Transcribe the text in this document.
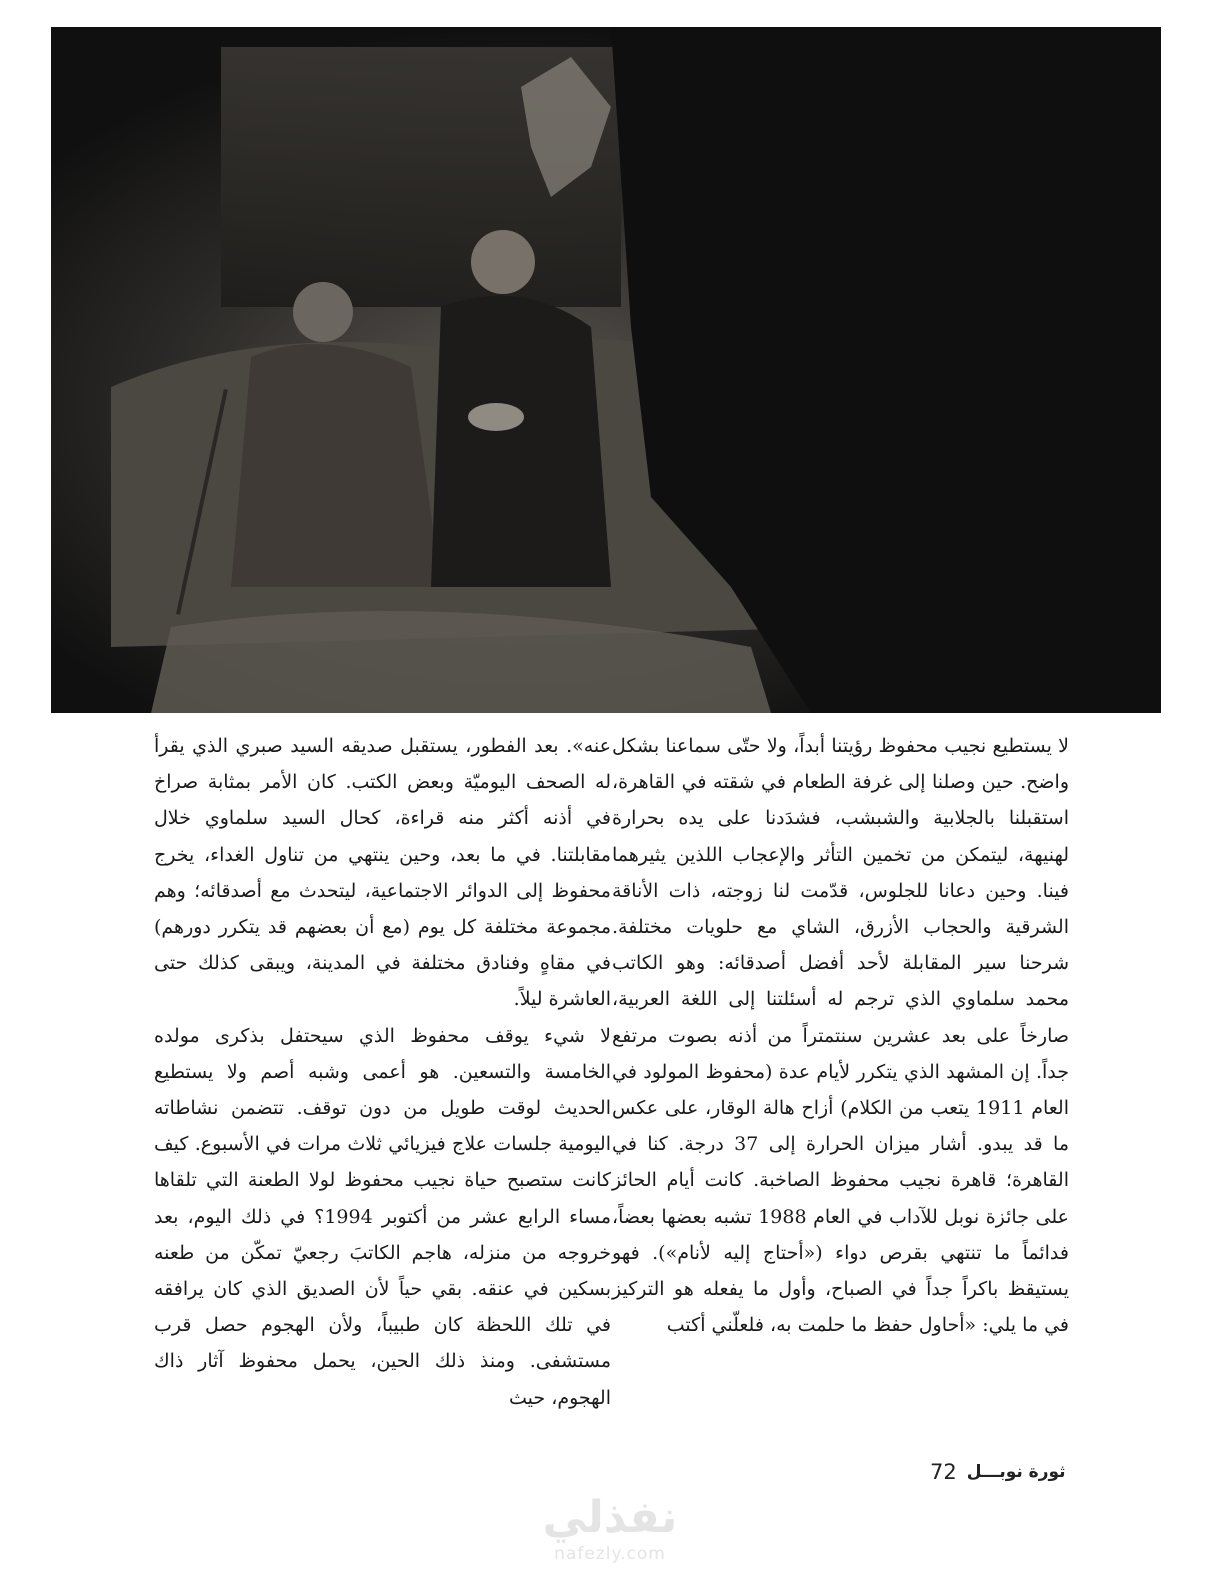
لا يستطيع نجيب محفوظ رؤيتنا أبداً، ولا حتّى سماعنا بشكل واضح. حين وصلنا إلى غرفة الطعام في شقته في القاهرة، استقبلنا بالجلابية والشبشب، فشدَدنا على يده بحرارة لهنيهة، ليتمكن من تخمين التأثر والإعجاب اللذين يثيرهما فينا. وحين دعانا للجلوس، قدّمت لنا زوجته، ذات الأناقة الشرقية والحجاب الأزرق، الشاي مع حلويات مختلفة. شرحنا سير المقابلة لأحد أفضل أصدقائه: وهو الكاتب محمد سلماوي الذي ترجم له أسئلتنا إلى اللغة العربية، صارخاً على بعد عشرين سنتمتراً من أذنه بصوت مرتفع جداً. إن المشهد الذي يتكرر لأيام عدة (محفوظ المولود في العام 1911 يتعب من الكلام) أزاح هالة الوقار، على عكس ما قد يبدو. أشار ميزان الحرارة إلى 37 درجة. كنا في القاهرة؛ قاهرة نجيب محفوظ الصاخبة. كانت أيام الحائز على جائزة نوبل للآداب في العام 1988 تشبه بعضها بعضاً، فدائماً ما تنتهي بقرص دواء («أحتاج إليه لأنام»). فهو يستيقظ باكراً جداً في الصباح، وأول ما يفعله هو التركيز في ما يلي: «أحاول حفظ ما حلمت به، فلعلّني أكتب

عنه». بعد الفطور، يستقبل صديقه السيد صبري الذي يقرأ له الصحف اليوميّة وبعض الكتب. كان الأمر بمثابة صراخ في أذنه أكثر منه قراءة، كحال السيد سلماوي خلال مقابلتنا. في ما بعد، وحين ينتهي من تناول الغداء، يخرج محفوظ إلى الدوائر الاجتماعية، ليتحدث مع أصدقائه؛ وهم مجموعة مختلفة كل يوم (مع أن بعضهم قد يتكرر دورهم) في مقاهٍ وفنادق مختلفة في المدينة، ويبقى كذلك حتى العاشرة ليلاً.

لا شيء يوقف محفوظ الذي سيحتفل بذكرى مولده الخامسة والتسعين. هو أعمى وشبه أصم ولا يستطيع الحديث لوقت طويل من دون توقف. تتضمن نشاطاته اليومية جلسات علاج فيزيائي ثلاث مرات في الأسبوع. كيف كانت ستصبح حياة نجيب محفوظ لولا الطعنة التي تلقاها مساء الرابع عشر من أكتوبر 1994؟ في ذلك اليوم، بعد خروجه من منزله، هاجم الكاتبَ رجعيّ تمكّن من طعنه بسكين في عنقه. بقي حياً لأن الصديق الذي كان يرافقه في تلك اللحظة كان طبيباً، ولأن الهجوم حصل قرب مستشفى. ومنذ ذلك الحين، يحمل محفوظ آثار ذاك الهجوم، حيث

72 ثورة نوبـــل
نفذلي
nafezly.com
